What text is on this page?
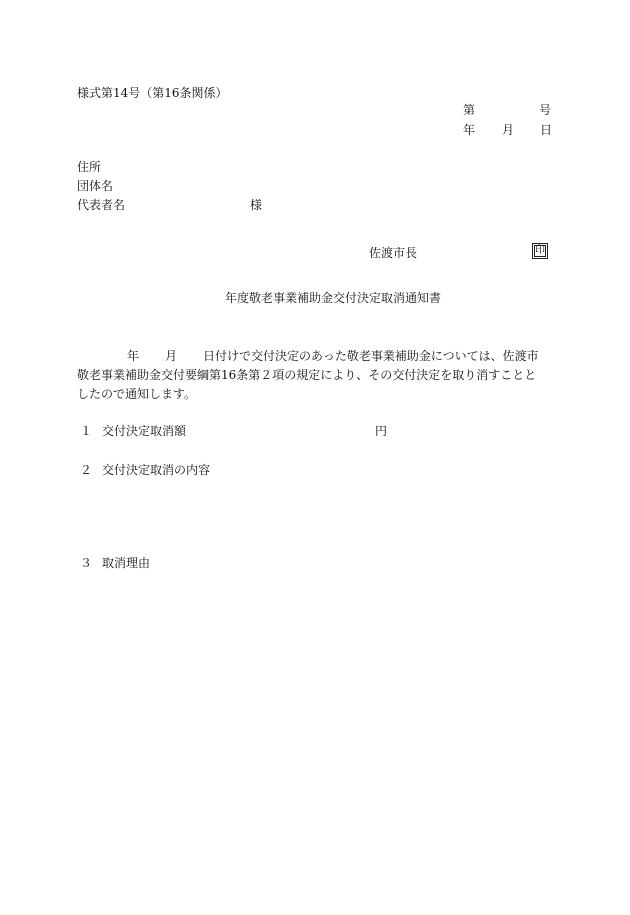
様式第14号（第16条関係）
第	号
年 月 日
住所
団体名
代表者名	様
佐渡市長	印
年度敬老事業補助金交付決定取消通知書
年 月 日付けで交付決定のあった敬老事業補助金については、佐渡市
敬老事業補助金交付要綱第16条第２項の規定により、その交付決定を取り消すことと
したので通知します。
１ 交付決定取消額	円
２ 交付決定取消の内容
３ 取消理由
